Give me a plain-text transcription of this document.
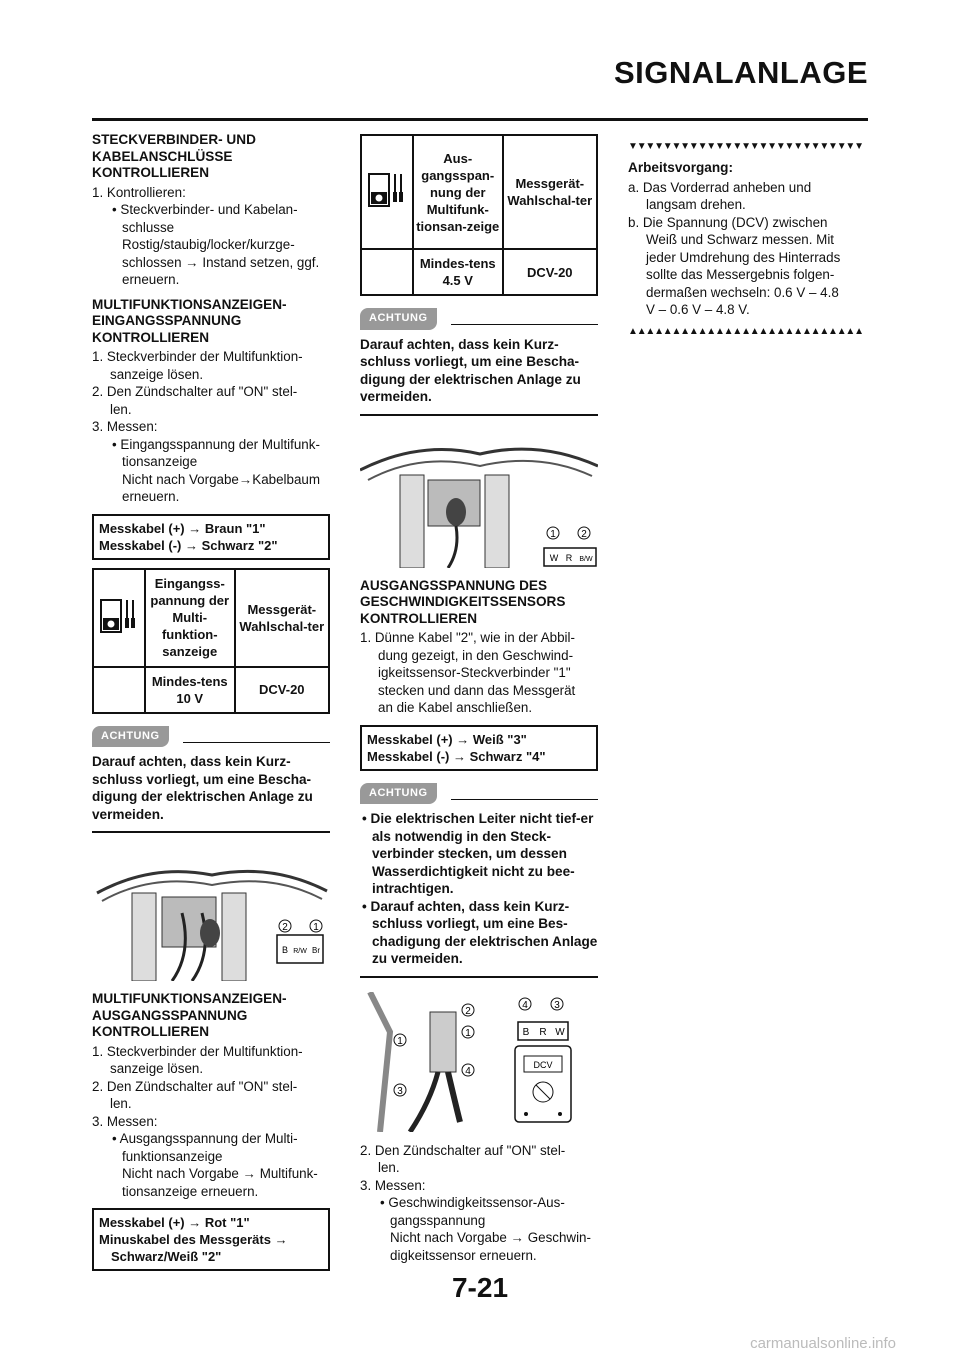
SIGNALANLAGE
STECKVERBINDER- UND KABELANSCHLÜSSE KONTROLLIEREN

1. Kontrollieren:

• Steckverbinder- und Kabelan-

schlusse

Rostig/staubig/locker/kurzge-

schlossen → Instand setzen, ggf.

erneuern.

MULTIFUNKTIONSANZEIGEN-EINGANGSSPANNUNG KONTROLLIEREN

1. Steckverbinder der Multifunktion-

sanzeige lösen.

2. Den Zündschalter auf "ON" stel-

len.

3. Messen:

• Eingangsspannung der Multifunk-

tionsanzeige

Nicht nach Vorgabe→Kabelbaum

erneuern.

Messkabel (+) → Braun "1"
Messkabel (-) → Schwarz "2"
	Eingangss-pannung der Multi-funktion-sanzeige	Messgerät-Wahlschal-ter
	Mindes-tens 10 V	DCV-20
ACHTUNG

Darauf achten, dass kein Kurz-schluss vorliegt, um eine Bescha-digung der elektrischen Anlage zu vermeiden.

2	1
B R/W Br
MULTIFUNKTIONSANZEIGEN-AUSGANGSSPANNUNG KONTROLLIEREN

1. Steckverbinder der Multifunktion-

sanzeige lösen.

2. Den Zündschalter auf "ON" stel-

len.

3. Messen:

• Ausgangsspannung der Multi-

funktionsanzeige

Nicht nach Vorgabe → Multifunk-

tionsanzeige erneuern.

Messkabel (+) → Rot "1"
Minuskabel des Messgeräts →
Schwarz/Weiß "2"
	Aus-gangsspan-nung der Multifunk-tionsan-zeige	Messgerät-Wahlschal-ter
	Mindes-tens 4.5 V	DCV-20
ACHTUNG

Darauf achten, dass kein Kurz-schluss vorliegt, um eine Bescha-digung der elektrischen Anlage zu vermeiden.

1	2
W R B/W
AUSGANGSSPANNUNG DES GESCHWINDIGKEITSSENSORS KONTROLLIEREN

1. Dünne Kabel "2", wie in der Abbil-

dung gezeigt, in den Geschwind-

igkeitssensor-Steckverbinder "1"

stecken und dann das Messgerät

an die Kabel anschließen.

Messkabel (+) → Weiß "3"
Messkabel (-) → Schwarz "4"
ACHTUNG

• Die elektrischen Leiter nicht tief-er als notwendig in den Steck-verbinder stecken, um dessen Wasserdichtigkeit nicht zu bee-intrachtigen.

• Darauf achten, dass kein Kurz-schluss vorliegt, um eine Bes-chadigung der elektrischen Anlage zu vermeiden.

2
1
1
4
3
4	3
B R W
DCV

2. Den Zündschalter auf "ON" stel-

len.

3. Messen:

• Geschwindigkeitssensor-Aus-

gangsspannung

Nicht nach Vorgabe → Geschwin-

digkeitssensor erneuern.

▼▼▼▼▼▼▼▼▼▼▼▼▼▼▼▼▼▼▼▼▼▼▼▼▼▼▼
Arbeitsvorgang:

a. Das Vorderrad anheben und

langsam drehen.

b. Die Spannung (DCV) zwischen

Weiß und Schwarz messen. Mit

jeder Umdrehung des Hinterrads

sollte das Messergebnis folgen-

dermaßen wechseln: 0.6 V – 4.8

V – 0.6 V – 4.8 V.

▲▲▲▲▲▲▲▲▲▲▲▲▲▲▲▲▲▲▲▲▲▲▲▲▲▲▲
7-21
carmanualsonline.info
